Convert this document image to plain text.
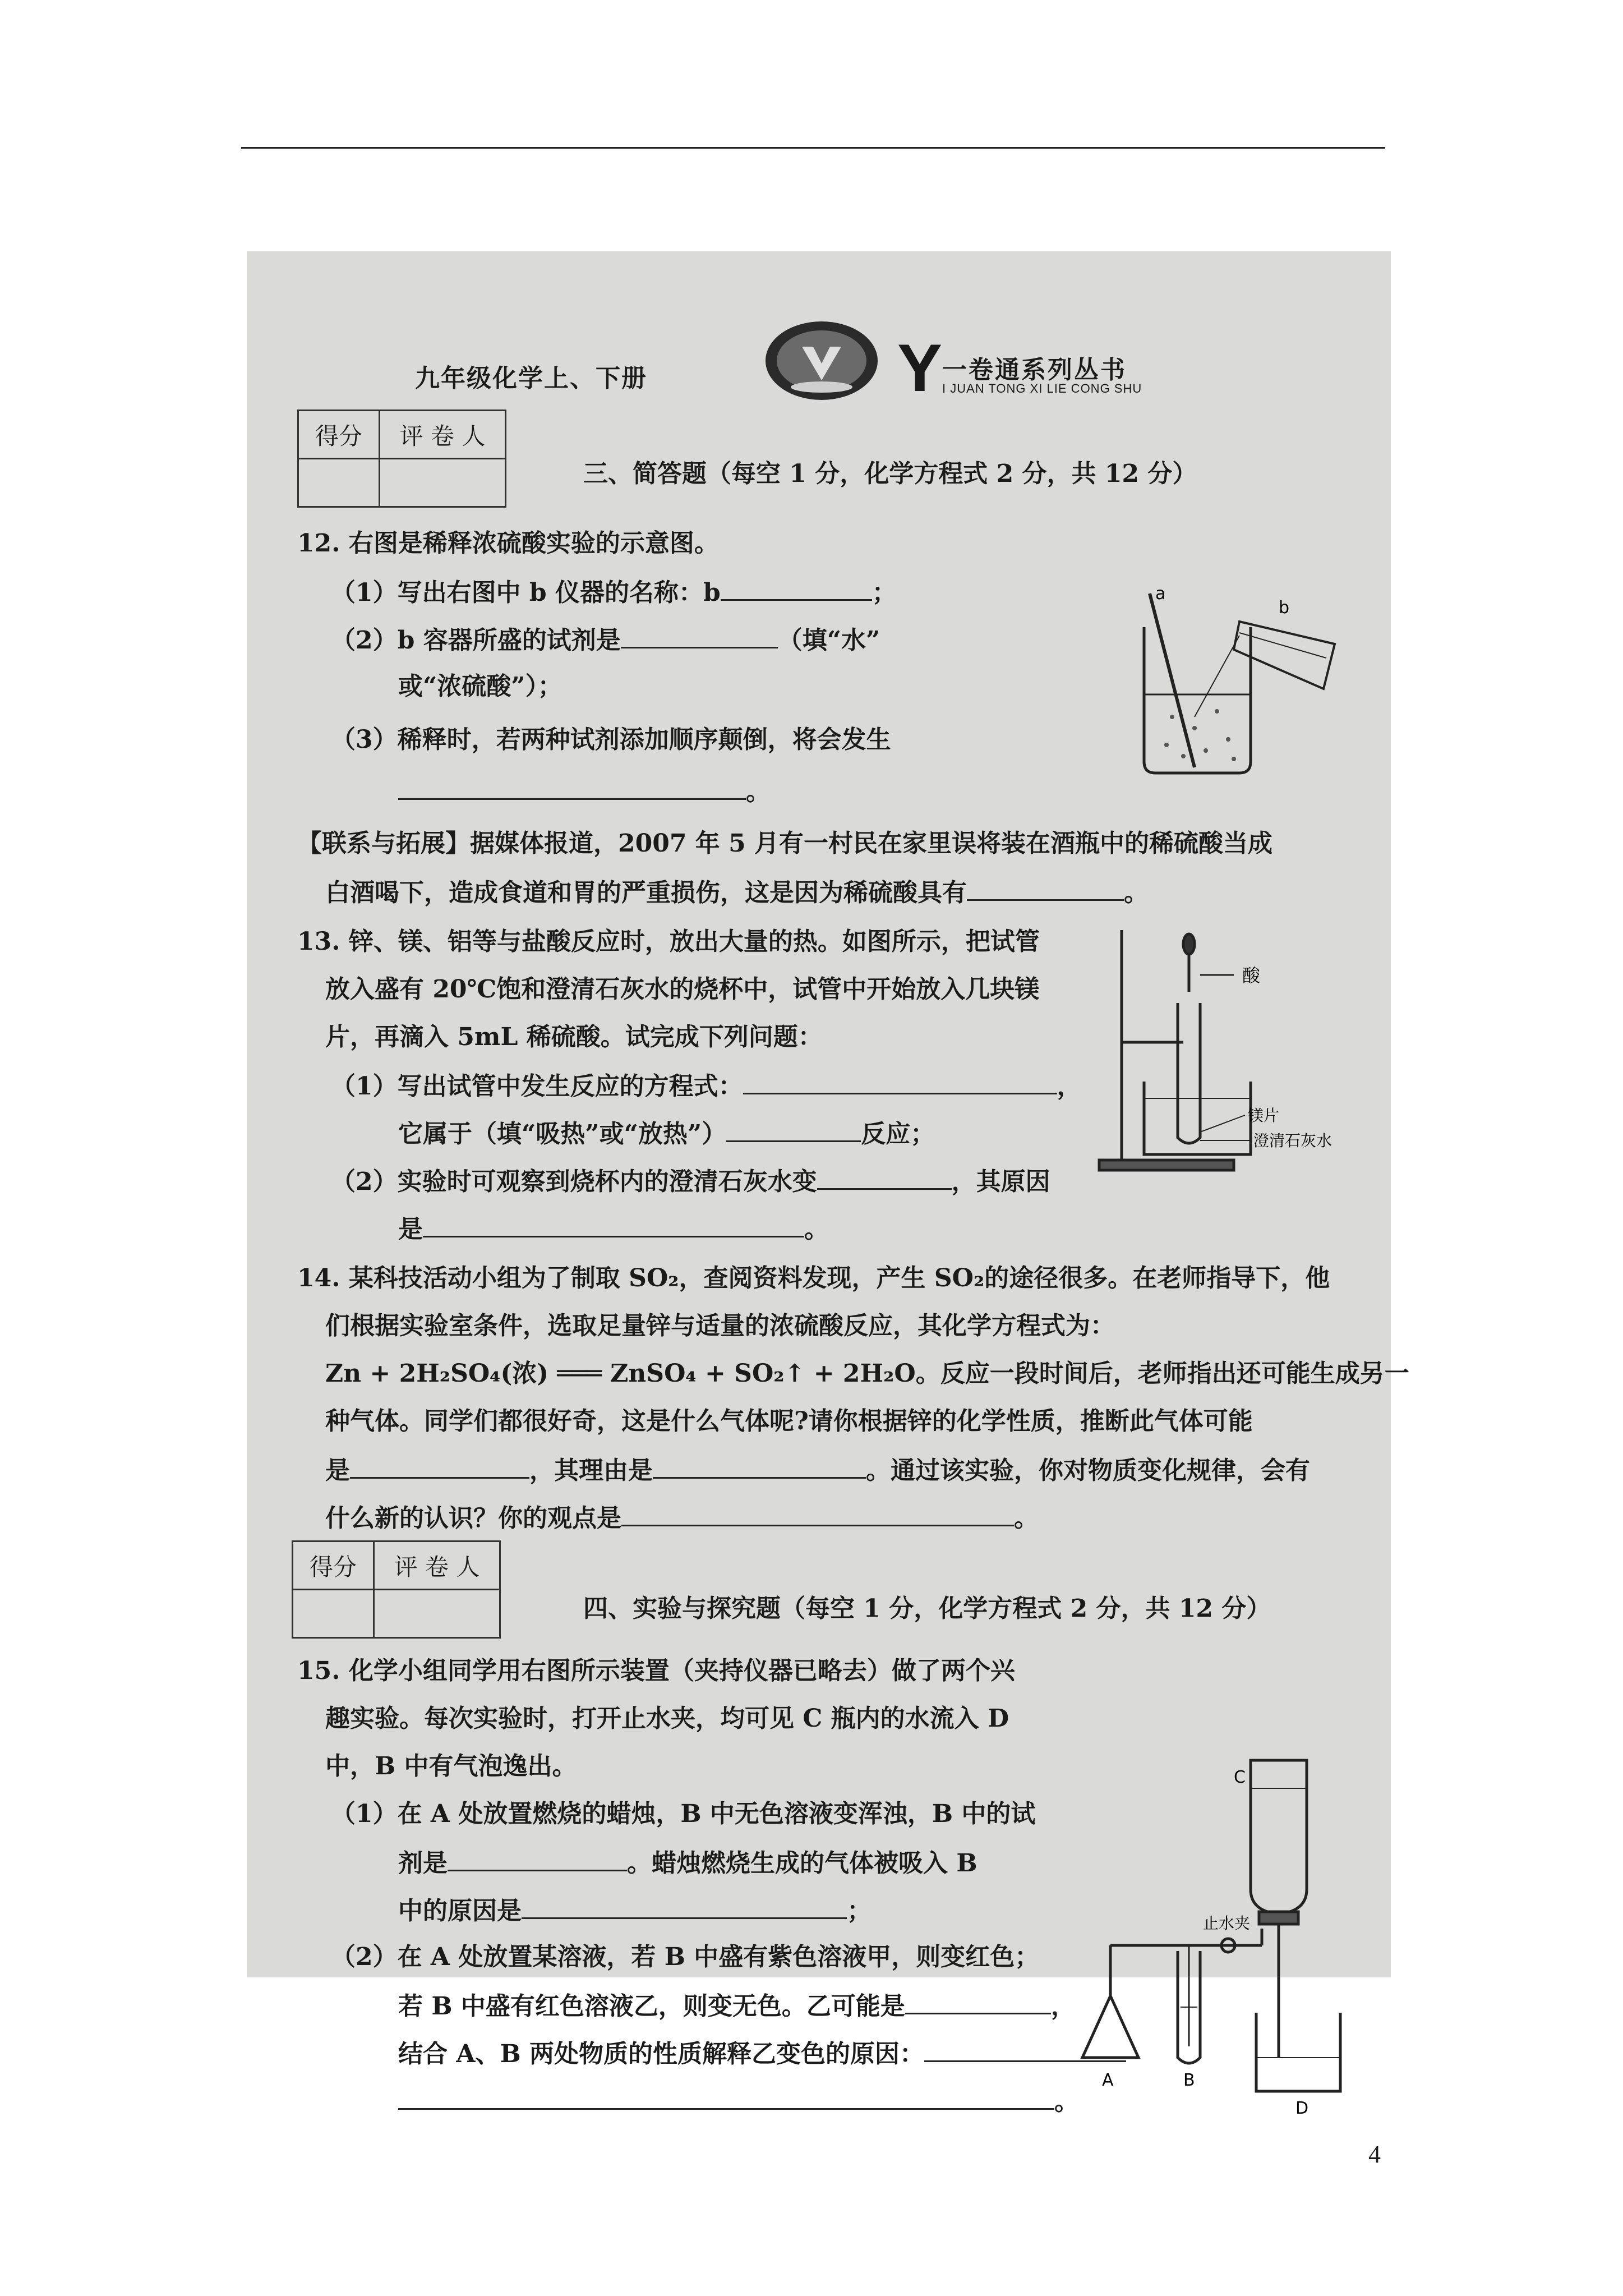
九年级化学上、下册	Y 一卷通系列丛书
I JUAN TONG XI LIE CONG SHU
得分	评 卷 人

三、简答题（每空 1 分，化学方程式 2 分，共 12 分）
12. 右图是稀释浓硫酸实验的示意图。
（1）写出右图中 b 仪器的名称：b	；
（2）b 容器所盛的试剂是	（填“水”
或“浓硫酸”）；
（3）稀释时，若两种试剂添加顺序颠倒，将会发生
。
【联系与拓展】据媒体报道，2007 年 5 月有一村民在家里误将装在酒瓶中的稀硫酸当成
白酒喝下，造成食道和胃的严重损伤，这是因为稀硫酸具有	。
a
b
13. 锌、镁、铝等与盐酸反应时，放出大量的热。如图所示，把试管
放入盛有 20℃饱和澄清石灰水的烧杯中，试管中开始放入几块镁
片，再滴入 5mL 稀硫酸。试完成下列问题：
（1）写出试管中发生反应的方程式：	，
它属于（填“吸热”或“放热”）	反应；
（2）实验时可观察到烧杯内的澄清石灰水变	，其原因
是	。
酸
镁片
澄清石灰水
14. 某科技活动小组为了制取 SO₂，查阅资料发现，产生 SO₂的途径很多。在老师指导下，他
们根据实验室条件，选取足量锌与适量的浓硫酸反应，其化学方程式为：
Zn + 2H₂SO₄(浓) ═══ ZnSO₄ + SO₂↑ + 2H₂O。反应一段时间后，老师指出还可能生成另一
种气体。同学们都很好奇，这是什么气体呢?请你根据锌的化学性质，推断此气体可能
是	，其理由是	。通过该实验，你对物质变化规律，会有
什么新的认识？你的观点是	。
得分	评 卷 人

四、实验与探究题（每空 1 分，化学方程式 2 分，共 12 分）
15. 化学小组同学用右图所示装置（夹持仪器已略去）做了两个兴
趣实验。每次实验时，打开止水夹，均可见 C 瓶内的水流入 D
中，B 中有气泡逸出。
（1）在 A 处放置燃烧的蜡烛，B 中无色溶液变浑浊，B 中的试
剂是	。蜡烛燃烧生成的气体被吸入 B
中的原因是	；
（2）在 A 处放置某溶液，若 B 中盛有紫色溶液甲，则变红色；
若 B 中盛有红色溶液乙，则变无色。乙可能是	，
结合 A、B 两处物质的性质解释乙变色的原因：
。
C
止水夹
A	B
D
4
